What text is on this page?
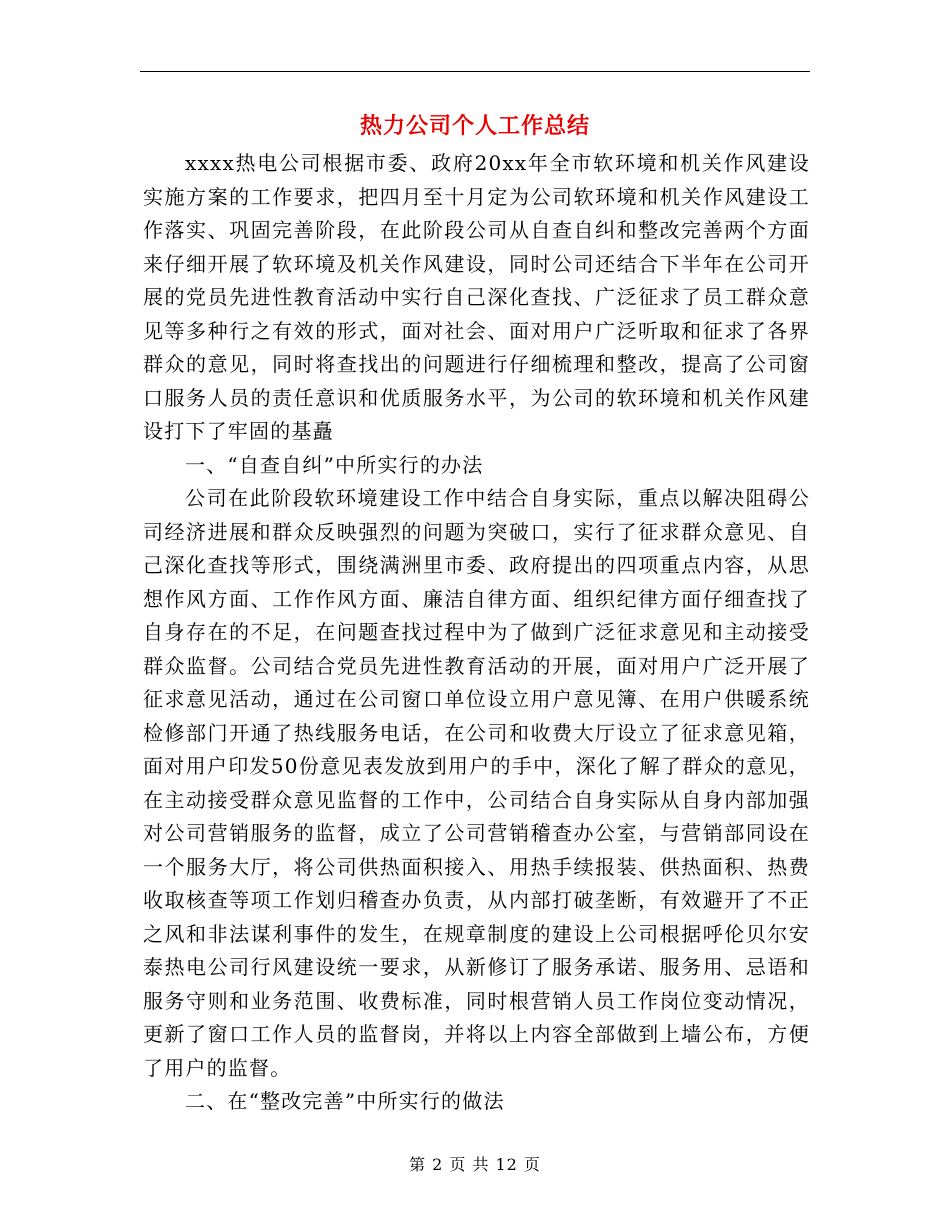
热力公司个人工作总结

xxxx热电公司根据市委、政府20xx年全市软环境和机关作风建设实施方案的工作要求，把四月至十月定为公司软环境和机关作风建设工作落实、巩固完善阶段，在此阶段公司从自查自纠和整改完善两个方面来仔细开展了软环境及机关作风建设，同时公司还结合下半年在公司开展的党员先进性教育活动中实行自己深化查找、广泛征求了员工群众意见等多种行之有效的形式，面对社会、面对用户广泛听取和征求了各界群众的意见，同时将查找出的问题进行仔细梳理和整改，提高了公司窗口服务人员的责任意识和优质服务水平，为公司的软环境和机关作风建设打下了牢固的基矗

一、“自查自纠”中所实行的办法

公司在此阶段软环境建设工作中结合自身实际，重点以解决阻碍公司经济进展和群众反映强烈的问题为突破口，实行了征求群众意见、自己深化查找等形式，围绕满洲里市委、政府提出的四项重点内容，从思想作风方面、工作作风方面、廉洁自律方面、组织纪律方面仔细查找了自身存在的不足，在问题查找过程中为了做到广泛征求意见和主动接受群众监督。公司结合党员先进性教育活动的开展，面对用户广泛开展了征求意见活动，通过在公司窗口单位设立用户意见簿、在用户供暖系统检修部门开通了热线服务电话，在公司和收费大厅设立了征求意见箱，面对用户印发50份意见表发放到用户的手中，深化了解了群众的意见，在主动接受群众意见监督的工作中，公司结合自身实际从自身内部加强对公司营销服务的监督，成立了公司营销稽查办公室，与营销部同设在一个服务大厅，将公司供热面积接入、用热手续报装、供热面积、热费收取核查等项工作划归稽查办负责，从内部打破垄断，有效避开了不正之风和非法谋利事件的发生，在规章制度的建设上公司根据呼伦贝尔安泰热电公司行风建设统一要求，从新修订了服务承诺、服务用、忌语和服务守则和业务范围、收费标准，同时根营销人员工作岗位变动情况，更新了窗口工作人员的监督岗，并将以上内容全部做到上墙公布，方便了用户的监督。

二、在“整改完善”中所实行的做法

第 2 页 共 12 页
